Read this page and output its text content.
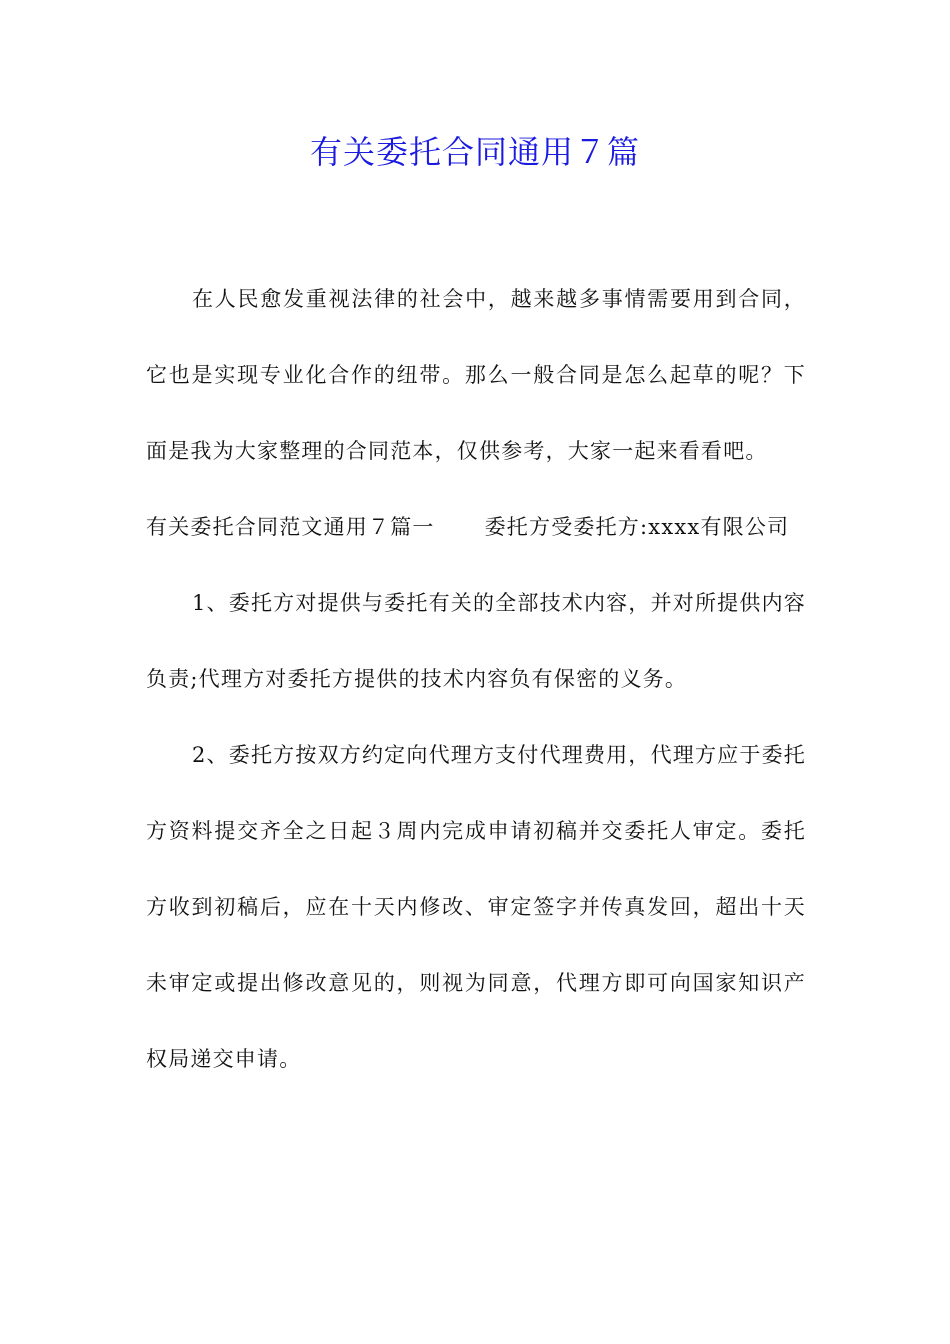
有关委托合同通用７篇

在人民愈发重视法律的社会中，越来越多事情需要用到合同，它也是实现专业化合作的纽带。那么一般合同是怎么起草的呢？下面是我为大家整理的合同范本，仅供参考，大家一起来看看吧。

有关委托合同范文通用７篇一 委托方受委托方:xxxx有限公司

1、委托方对提供与委托有关的全部技术内容，并对所提供内容负责;代理方对委托方提供的技术内容负有保密的义务。

2、委托方按双方约定向代理方支付代理费用，代理方应于委托方资料提交齐全之日起３周内完成申请初稿并交委托人审定。委托方收到初稿后，应在十天内修改、审定签字并传真发回，超出十天未审定或提出修改意见的，则视为同意，代理方即可向国家知识产权局递交申请。
